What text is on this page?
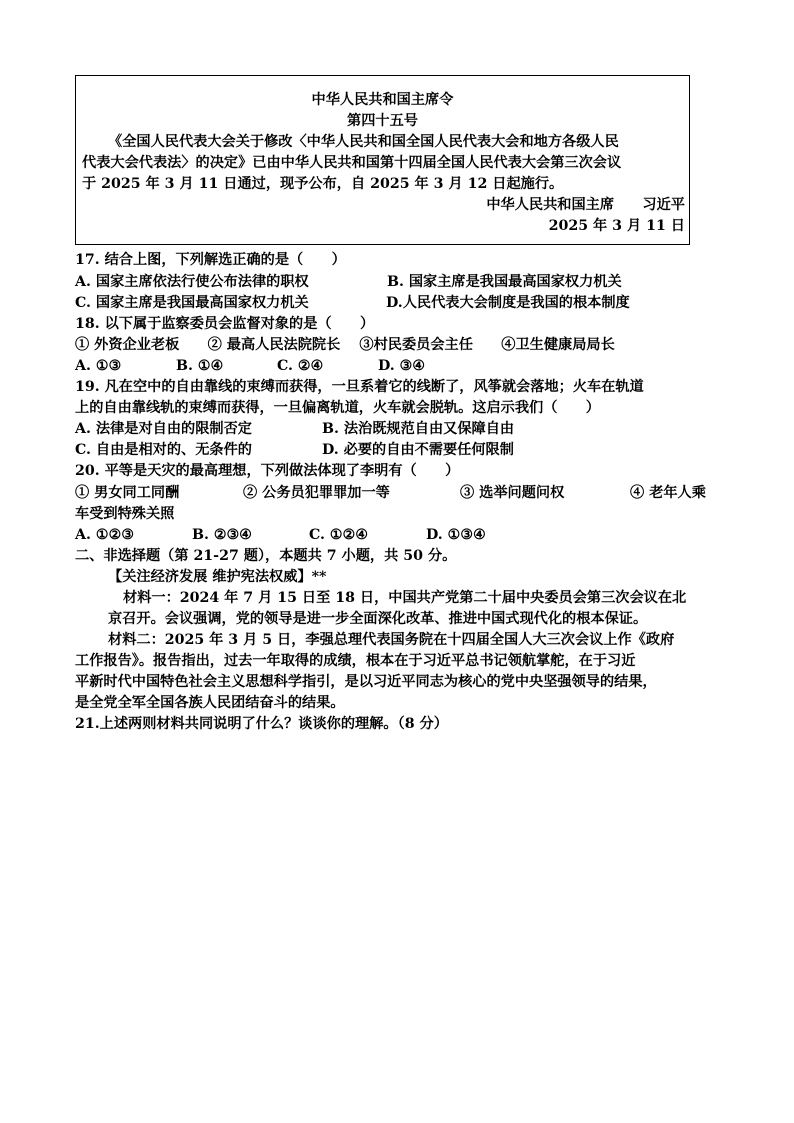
中华人民共和国主席令
第四十五号
《全国人民代表大会关于修改〈中华人民共和国全国人民代表大会和地方各级人民
代表大会代表法〉的决定》已由中华人民共和国第十四届全国人民代表大会第三次会议
于 2025 年 3 月 11 日通过，现予公布，自 2025 年 3 月 12 日起施行。
中华人民共和国主席　　习近平
2025 年 3 月 11 日
17. 结合上图，下列解选正确的是（　　）
A. 国家主席依法行使公布法律的职权	B. 国家主席是我国最高国家权力机关
C. 国家主席是我国最高国家权力机关	D.人民代表大会制度是我国的根本制度
18. 以下属于监察委员会监督对象的是（　　）
① 外资企业老板　　② 最高人民法院院长　 ③村民委员会主任　　④卫生健康局局长
A. ①③	B. ①④	C. ②④	D. ③④
19. 凡在空中的自由靠线的束缚而获得，一旦系着它的线断了，风筝就会落地；火车在轨道
上的自由靠线轨的束缚而获得，一旦偏离轨道，火车就会脱轨。这启示我们（　　）
A. 法律是对自由的限制否定	B. 法治既规范自由又保障自由
C. 自由是相对的、无条件的	D. 必要的自由不需要任何限制
20. 平等是天灾的最高理想，下列做法体现了李明有（　　）
① 男女同工同酬	② 公务员犯罪罪加一等	③ 选举问题问权	④ 老年人乘
车受到特殊关照
A. ①②③	B. ②③④	C. ①②④	D. ①③④
二、非选择题（第 21-27 题），本题共 7 小题，共 50 分。
【关注经济发展 维护宪法权威】**
材料一：2024 年 7 月 15 日至 18 日，中国共产党第二十届中央委员会第三次会议在北
京召开。会议强调，党的领导是进一步全面深化改革、推进中国式现代化的根本保证。
材料二：2025 年 3 月 5 日，李强总理代表国务院在十四届全国人大三次会议上作《政府
工作报告》。报告指出，过去一年取得的成绩，根本在于习近平总书记领航掌舵，在于习近
平新时代中国特色社会主义思想科学指引，是以习近平同志为核心的党中央坚强领导的结果，
是全党全军全国各族人民团结奋斗的结果。
21.上述两则材料共同说明了什么？谈谈你的理解。（8 分）
